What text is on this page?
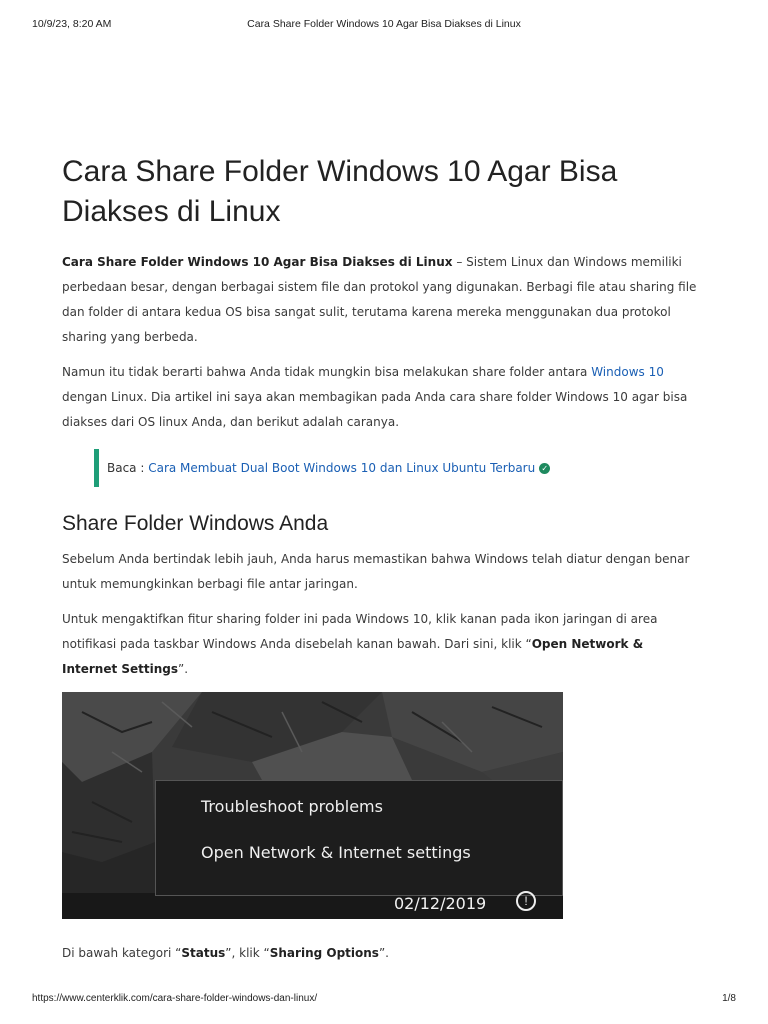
10/9/23, 8:20 AM	Cara Share Folder Windows 10 Agar Bisa Diakses di Linux
Cara Share Folder Windows 10 Agar Bisa Diakses di Linux

Cara Share Folder Windows 10 Agar Bisa Diakses di Linux – Sistem Linux dan Windows memiliki perbedaan besar, dengan berbagai sistem file dan protokol yang digunakan. Berbagi file atau sharing file dan folder di antara kedua OS bisa sangat sulit, terutama karena mereka menggunakan dua protokol sharing yang berbeda.

Namun itu tidak berarti bahwa Anda tidak mungkin bisa melakukan share folder antara Windows 10 dengan Linux. Dia artikel ini saya akan membagikan pada Anda cara share folder Windows 10 agar bisa diakses dari OS linux Anda, dan berikut adalah caranya.

Baca : Cara Membuat Dual Boot Windows 10 dan Linux Ubuntu Terbaru ✓
Share Folder Windows Anda

Sebelum Anda bertindak lebih jauh, Anda harus memastikan bahwa Windows telah diatur dengan benar untuk memungkinkan berbagi file antar jaringan.

Untuk mengaktifkan fitur sharing folder ini pada Windows 10, klik kanan pada ikon jaringan di area notifikasi pada taskbar Windows Anda disebelah kanan bawah. Dari sini, klik “Open Network & Internet Settings”.

Troubleshoot problems
Open Network & Internet settings
02/12/2019	!

Di bawah kategori “Status”, klik “Sharing Options”.

https://www.centerklik.com/cara-share-folder-windows-dan-linux/	1/8
